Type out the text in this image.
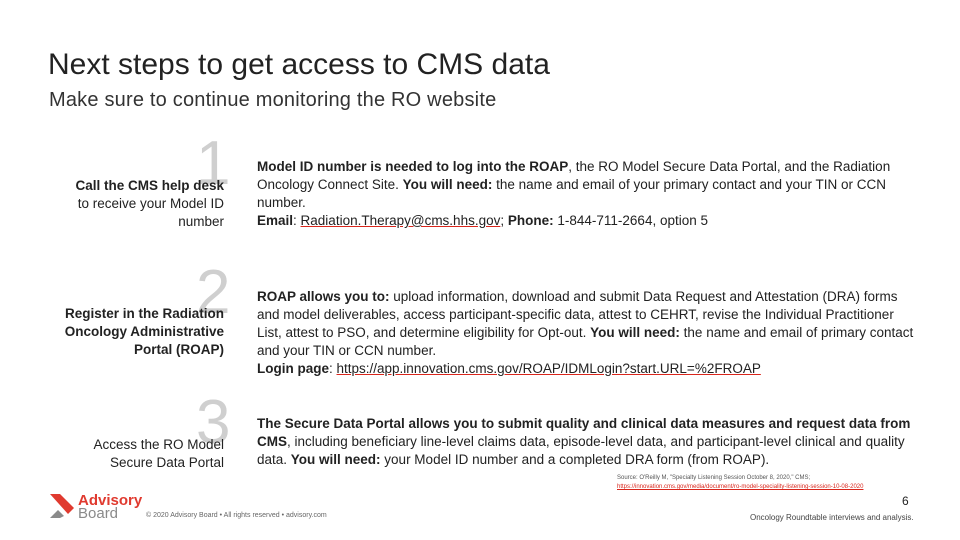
Next steps to get access to CMS data
Make sure to continue monitoring the RO website
1
Call the CMS help desk to receive your Model ID number
Model ID number is needed to log into the ROAP, the RO Model Secure Data Portal, and the Radiation Oncology Connect Site. You will need: the name and email of your primary contact and your TIN or CCN number.
Email: Radiation.Therapy@cms.hhs.gov; Phone: 1-844-711-2664, option 5
2
Register in the Radiation Oncology Administrative Portal (ROAP)
ROAP allows you to: upload information, download and submit Data Request and Attestation (DRA) forms and model deliverables, access participant-specific data, attest to CEHRT, revise the Individual Practitioner List, attest to PSO, and determine eligibility for Opt-out. You will need: the name and email of primary contact and your TIN or CCN number.
Login page: https://app.innovation.cms.gov/ROAP/IDMLogin?start.URL=%2FROAP
3
Access the RO Model Secure Data Portal
The Secure Data Portal allows you to submit quality and clinical data measures and request data from CMS, including beneficiary line-level claims data, episode-level data, and participant-level clinical and quality data. You will need: your Model ID number and a completed DRA form (from ROAP).
Source: O'Reilly M, "Specialty Listening Session October 8, 2020," CMS;
https://innovation.cms.gov/media/document/ro-model-speciality-listening-session-10-08-2020
6
Advisory
Board	© 2020 Advisory Board • All rights reserved • advisory.com	Oncology Roundtable interviews and analysis.
